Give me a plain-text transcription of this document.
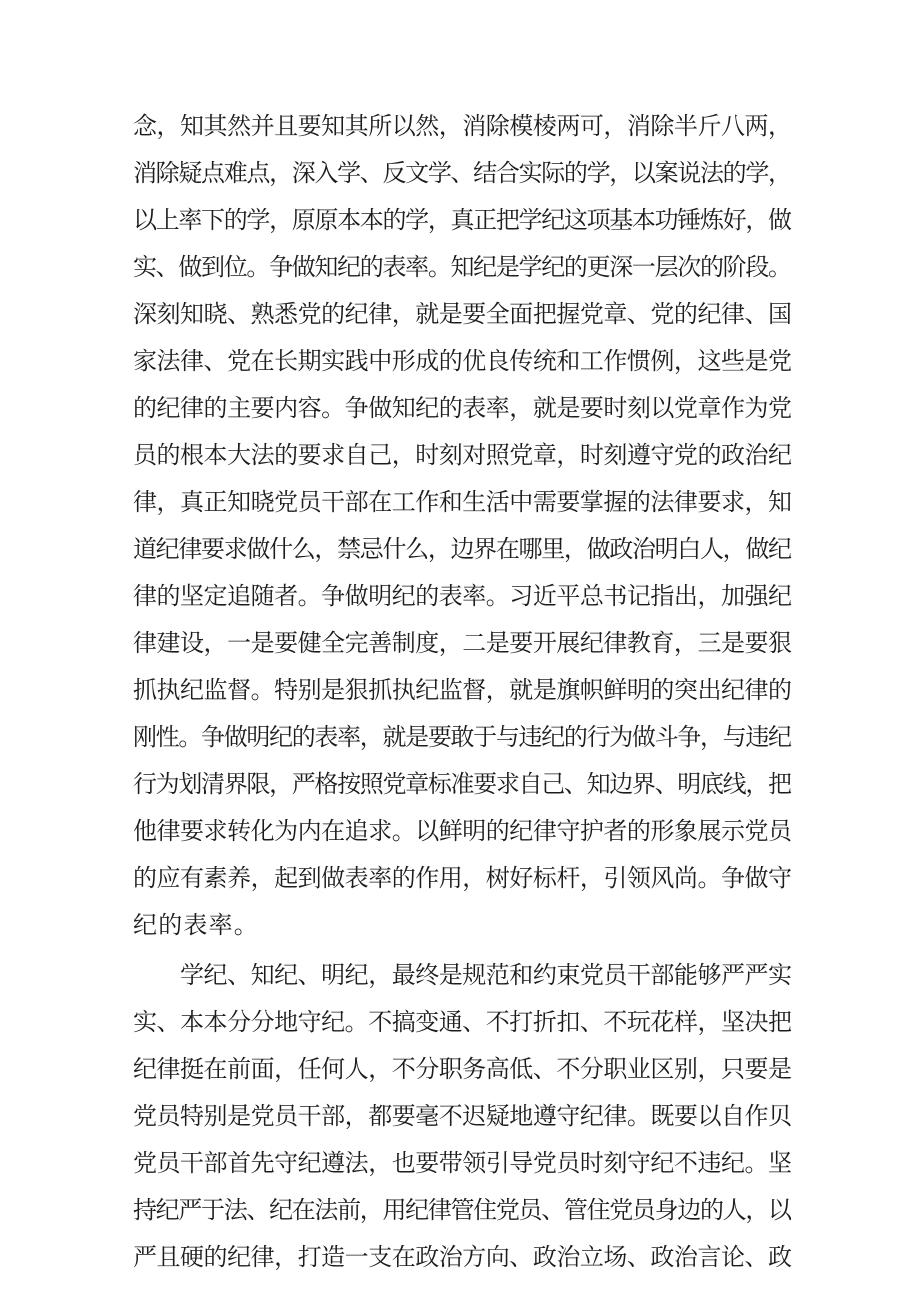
念，知其然并且要知其所以然，消除模棱两可，消除半斤八两，

消除疑点难点，深入学、反文学、结合实际的学，以案说法的学，

以上率下的学，原原本本的学，真正把学纪这项基本功锤炼好，做

实、做到位。争做知纪的表率。知纪是学纪的更深一层次的阶段。

深刻知晓、熟悉党的纪律，就是要全面把握党章、党的纪律、国

家法律、党在长期实践中形成的优良传统和工作惯例，这些是党

的纪律的主要内容。争做知纪的表率，就是要时刻以党章作为党

员的根本大法的要求自己，时刻对照党章，时刻遵守党的政治纪

律，真正知晓党员干部在工作和生活中需要掌握的法律要求，知

道纪律要求做什么，禁忌什么，边界在哪里，做政治明白人，做纪

律的坚定追随者。争做明纪的表率。习近平总书记指出，加强纪

律建设，一是要健全完善制度，二是要开展纪律教育，三是要狠

抓执纪监督。特别是狠抓执纪监督，就是旗帜鲜明的突出纪律的

刚性。争做明纪的表率，就是要敢于与违纪的行为做斗争，与违纪

行为划清界限，严格按照党章标准要求自己、知边界、明底线，把

他律要求转化为内在追求。以鲜明的纪律守护者的形象展示党员

的应有素养，起到做表率的作用，树好标杆，引领风尚。争做守

纪的表率。

　　学纪、知纪、明纪，最终是规范和约束党员干部能够严严实

实、本本分分地守纪。不搞变通、不打折扣、不玩花样，坚决把

纪律挺在前面，任何人，不分职务高低、不分职业区别，只要是

党员特别是党员干部，都要毫不迟疑地遵守纪律。既要以自作贝

党员干部首先守纪遵法，也要带领引导党员时刻守纪不违纪。坚

持纪严于法、纪在法前，用纪律管住党员、管住党员身边的人，以

严且硬的纪律，打造一支在政治方向、政治立场、政治言论、政
